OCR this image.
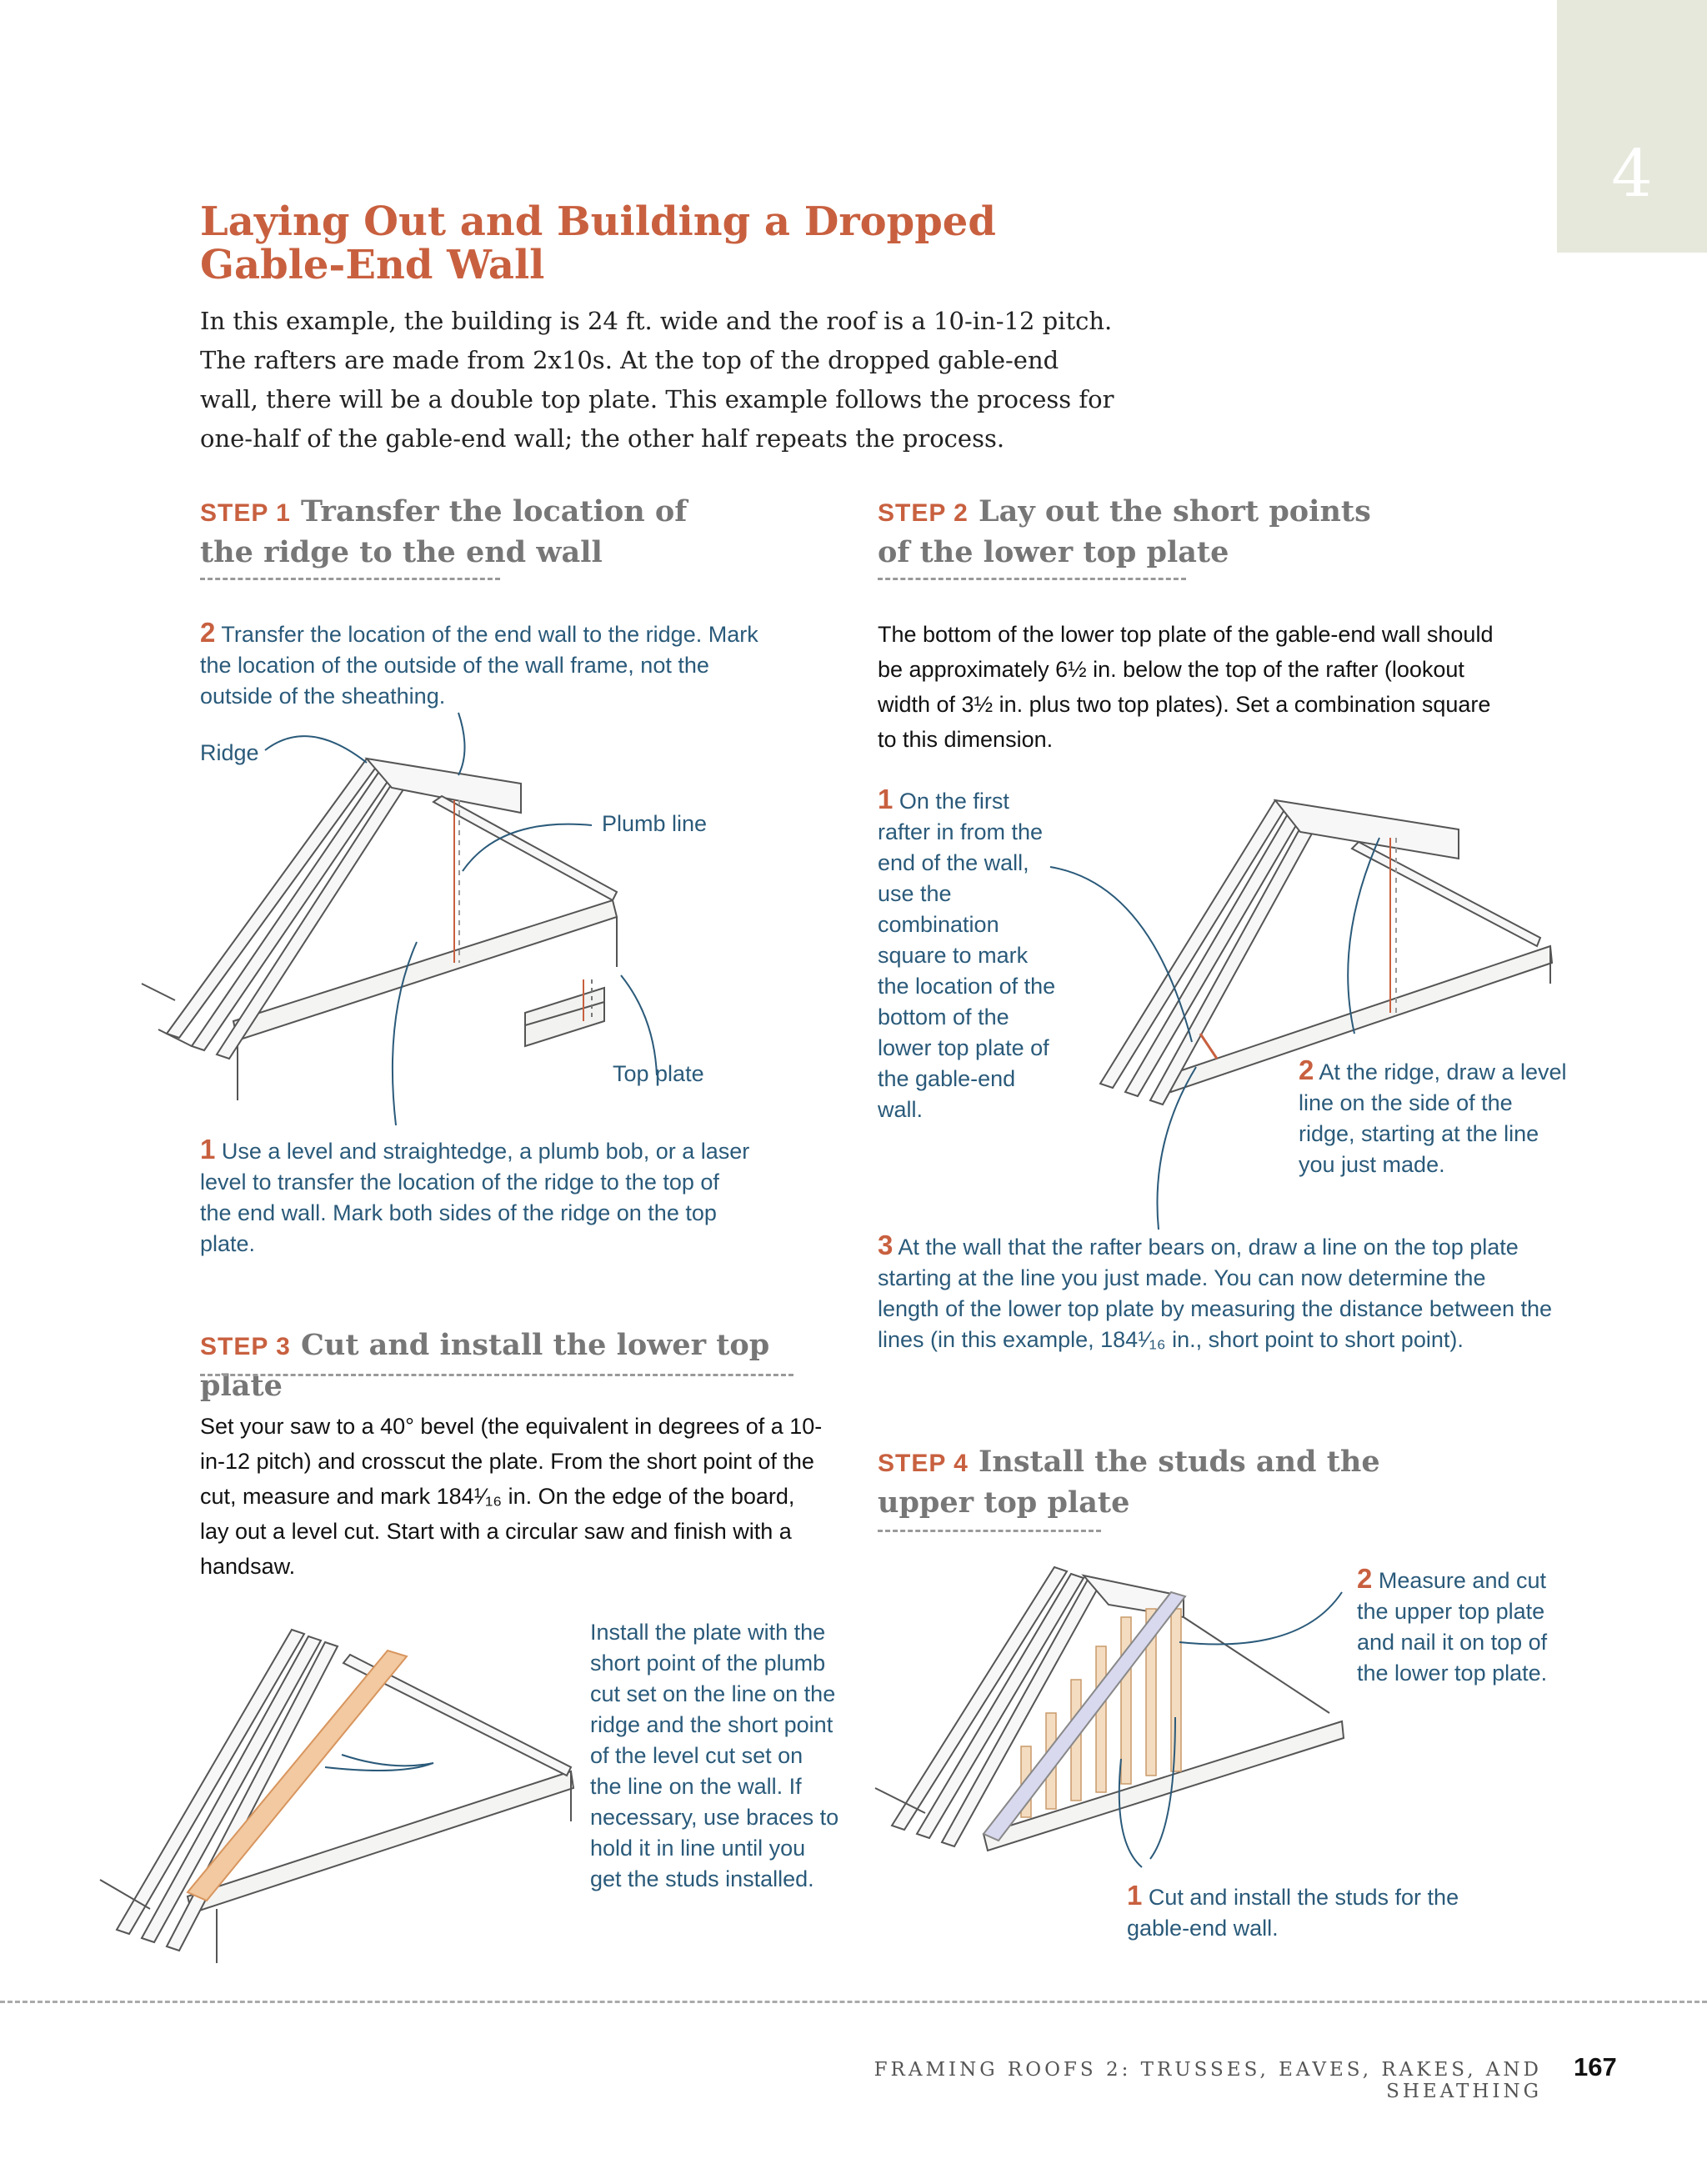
4
Laying Out and Building a Dropped
Gable-End Wall

In this example, the building is 24 ft. wide and the roof is a 10-in-12 pitch. The rafters are made from 2x10s. At the top of the dropped gable-end wall, there will be a double top plate. This example follows the process for one-half of the gable-end wall; the other half repeats the process.

STEP 1 Transfer the location of the ridge to the end wall

2 Transfer the location of the end wall to the ridge. Mark the location of the outside of the wall frame, not the outside of the sheathing.

Ridge
Plumb line
Top plate

1 Use a level and straightedge, a plumb bob, or a laser level to transfer the location of the ridge to the top of the end wall. Mark both sides of the ridge on the top plate.

STEP 2 Lay out the short points of the lower top plate

The bottom of the lower top plate of the gable-end wall should be approximately 6½ in. below the top of the rafter (lookout width of 3½ in. plus two top plates). Set a combination square to this dimension.

1 On the first rafter in from the end of the wall, use the combination square to mark the location of the bottom of the lower top plate of the gable-end wall.

2 At the ridge, draw a level line on the side of the ridge, starting at the line you just made.

3 At the wall that the rafter bears on, draw a line on the top plate starting at the line you just made. You can now determine the length of the lower top plate by measuring the distance between the lines (in this example, 184¹⁄₁₆ in., short point to short point).

STEP 3 Cut and install the lower top plate

Set your saw to a 40° bevel (the equivalent in degrees of a 10-in-12 pitch) and crosscut the plate. From the short point of the cut, measure and mark 184¹⁄₁₆ in. On the edge of the board, lay out a level cut. Start with a circular saw and finish with a handsaw.

Install the plate with the short point of the plumb cut set on the line on the ridge and the short point of the level cut set on the line on the wall. If necessary, use braces to hold it in line until you get the studs installed.

STEP 4 Install the studs and the upper top plate

2 Measure and cut the upper top plate and nail it on top of the lower top plate.

1 Cut and install the studs for the gable-end wall.

FRAMING ROOFS 2: TRUSSES, EAVES, RAKES, AND SHEATHING
167
